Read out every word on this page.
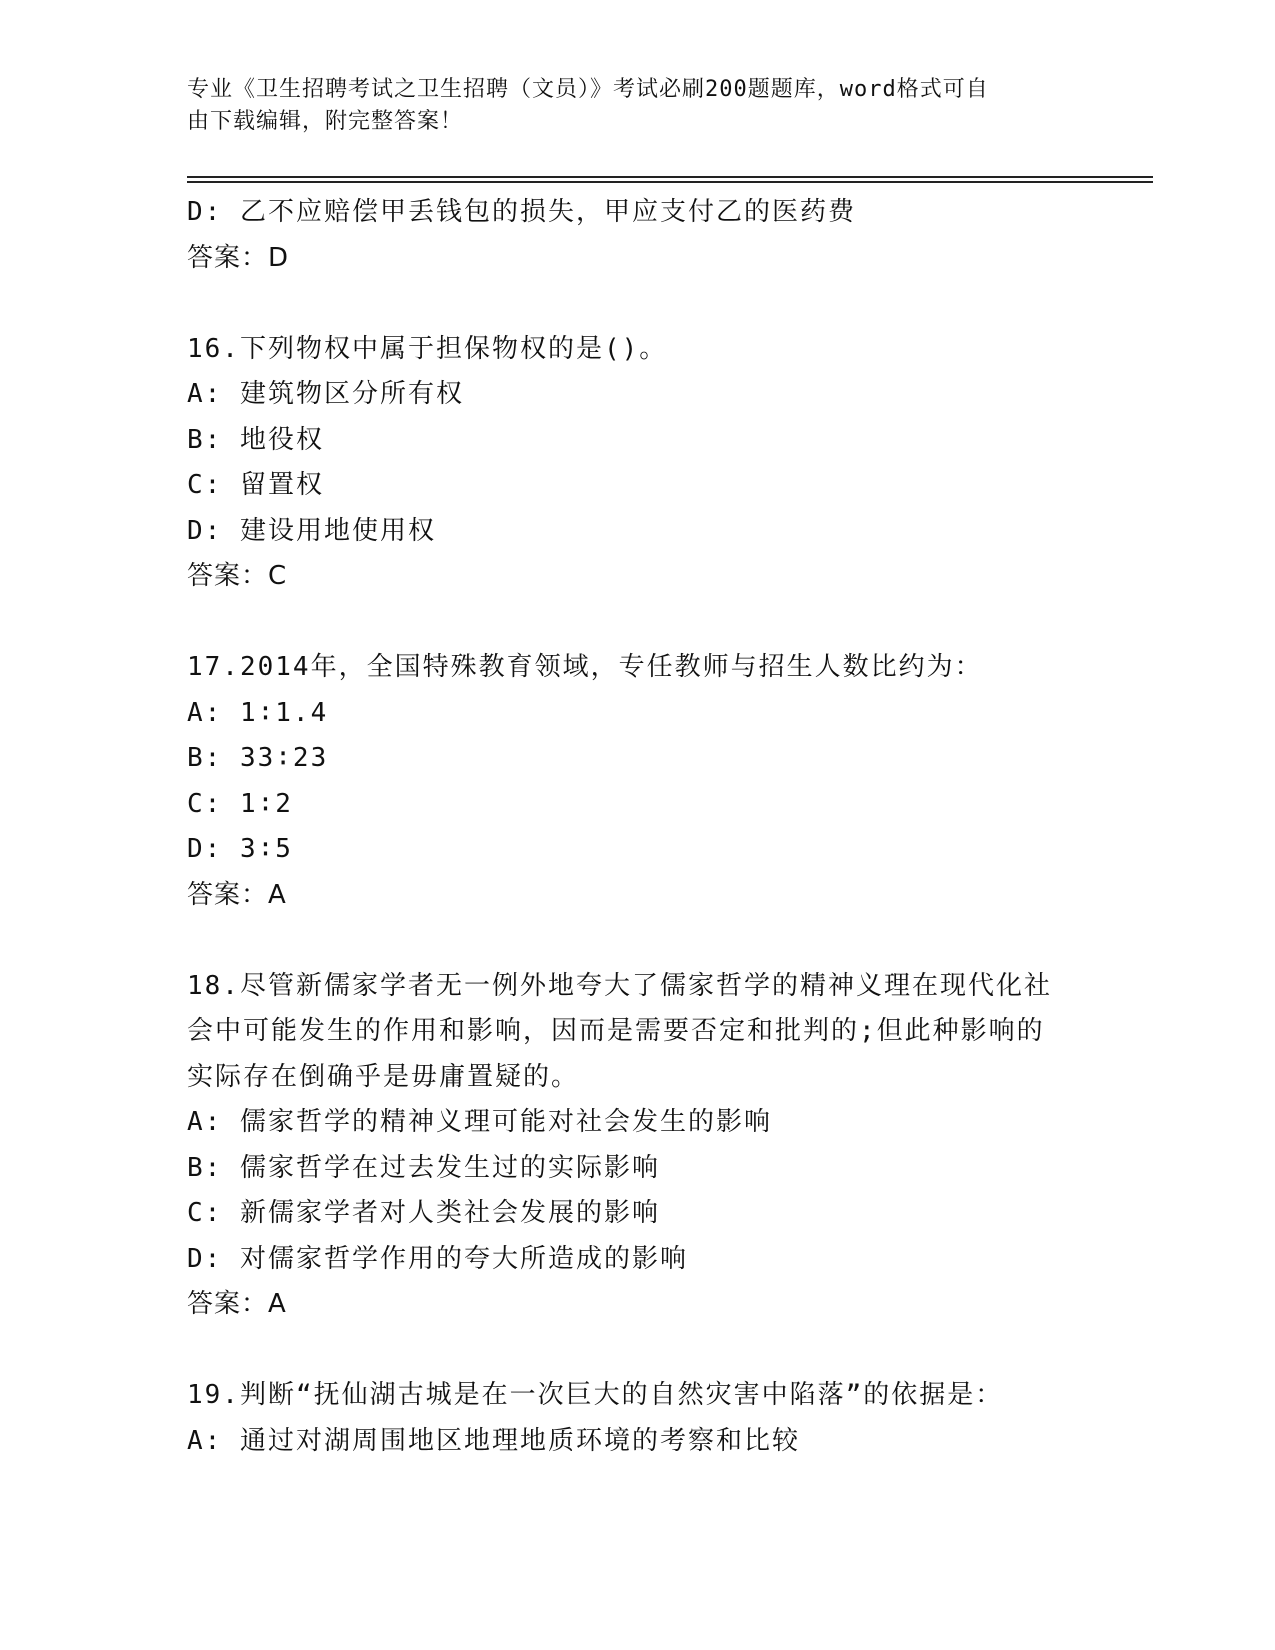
专业《卫生招聘考试之卫生招聘（文员）》考试必刷200题题库，word格式可自
由下载编辑，附完整答案！
D: 乙不应赔偿甲丢钱包的损失，甲应支付乙的医药费
答案：D
16.下列物权中属于担保物权的是()。
A: 建筑物区分所有权
B: 地役权
C: 留置权
D: 建设用地使用权
答案：C
17.2014年，全国特殊教育领域，专任教师与招生人数比约为：
A: 1∶1.4
B: 33∶23
C: 1∶2
D: 3∶5
答案：A
18.尽管新儒家学者无一例外地夸大了儒家哲学的精神义理在现代化社
会中可能发生的作用和影响，因而是需要否定和批判的;但此种影响的
实际存在倒确乎是毋庸置疑的。
A: 儒家哲学的精神义理可能对社会发生的影响
B: 儒家哲学在过去发生过的实际影响
C: 新儒家学者对人类社会发展的影响
D: 对儒家哲学作用的夸大所造成的影响
答案：A
19.判断“抚仙湖古城是在一次巨大的自然灾害中陷落”的依据是：
A: 通过对湖周围地区地理地质环境的考察和比较
